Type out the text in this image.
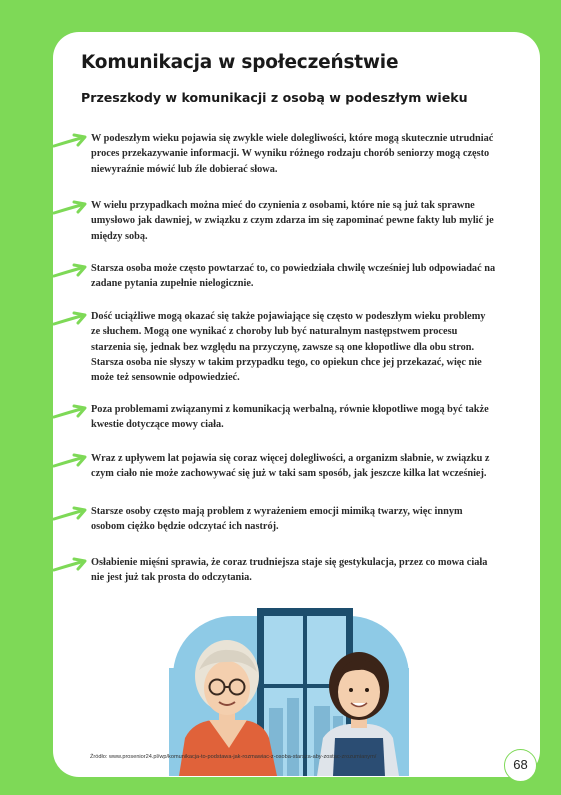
Komunikacja w społeczeństwie
Przeszkody w komunikacji z osobą w podeszłym wieku
W podeszłym wieku pojawia się zwykle wiele dolegliwości, które mogą skutecznie utrudniać
proces przekazywanie informacji. W wyniku różnego rodzaju chorób seniorzy mogą często
niewyraźnie mówić lub źle dobierać słowa.
W wielu przypadkach można mieć do czynienia z osobami, które nie są już tak sprawne
umysłowo jak dawniej, w związku z czym zdarza im się zapominać pewne fakty lub mylić je
między sobą.
Starsza osoba może często powtarzać to, co powiedziała chwilę wcześniej lub odpowiadać na
zadane pytania zupełnie nielogicznie.
Dość uciążliwe mogą okazać się także pojawiające się często w podeszłym wieku problemy
ze słuchem. Mogą one wynikać z choroby lub być naturalnym następstwem procesu
starzenia się, jednak bez względu na przyczynę, zawsze są one kłopotliwe dla obu stron.
Starsza osoba nie słyszy w takim przypadku tego, co opiekun chce jej przekazać, więc nie
może też sensownie odpowiedzieć.
Poza problemami związanymi z komunikacją werbalną, równie kłopotliwe mogą być także
kwestie dotyczące mowy ciała.
Wraz z upływem lat pojawia się coraz więcej dolegliwości, a organizm słabnie, w związku z
czym ciało nie może zachowywać się już w taki sam sposób, jak jeszcze kilka lat wcześniej.
Starsze osoby często mają problem z wyrażeniem emocji mimiką twarzy, więc innym
osobom ciężko będzie odczytać ich nastrój.
Osłabienie mięśni sprawia, że coraz trudniejsza staje się gestykulacja, przez co mowa ciała
nie jest już tak prosta do odczytania.
Źródło: www.prosenior24.pl/wp/komunikacja-to-podstawa-jak-rozmawiac-z-osoba-starsza-aby-zostac-zrozumianym/	68
